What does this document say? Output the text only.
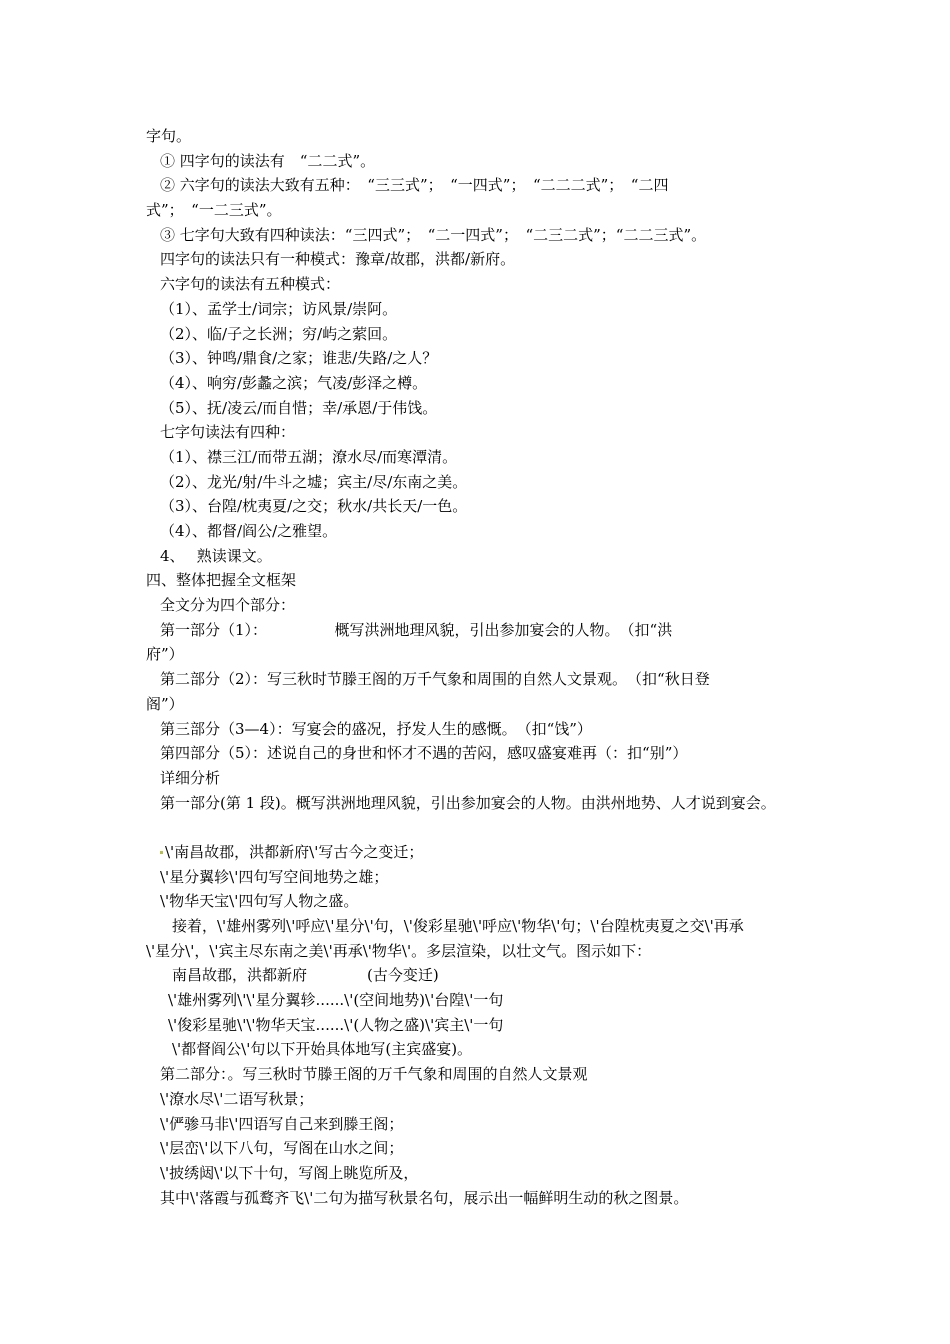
字句。
① 四字句的读法有　“二二式”。
② 六字句的读法大致有五种：　“三三式”；　“一四式”；　“二二二式”；　“二四
式”；　“一二三式”。
③ 七字句大致有四种读法：“三四式”；　“二一四式”；　“二三二式”；“二二三式”。
四字句的读法只有一种模式：豫章/故郡，洪都/新府。
六字句的读法有五种模式：
（1）、孟学士/词宗；访风景/崇阿。
（2）、临/子之长洲；穷/屿之萦回。
（3）、钟鸣/鼎食/之家；谁悲/失路/之人？
（4）、响穷/彭蠡之滨；气凌/彭泽之樽。
（5）、抚/凌云/而自惜；幸/承恩/于伟饯。
七字句读法有四种：
（1）、襟三江/而带五湖；潦水尽/而寒潭清。
（2）、龙光/射/牛斗之墟；宾主/尽/东南之美。
（3）、台隍/枕夷夏/之交；秋水/共长天/一色。
（4）、都督/阎公/之雅望。
4、　 熟读课文。
四、整体把握全文框架
全文分为四个部分：
第一部分（1）：　　　　　概写洪洲地理风貌，引出参加宴会的人物。　（扣“洪
府”）
第二部分（2）：写三秋时节滕王阁的万千气象和周围的自然人文景观。　（扣“秋日登
阁”）
第三部分（3—4）：写宴会的盛况，抒发人生的感慨。　（扣“饯”）
第四部分（5）：述说自己的身世和怀才不遇的苦闷，感叹盛宴难再（：扣“别”）
详细分析
第一部分(第 1 段)。概写洪洲地理风貌，引出参加宴会的人物。由洪州地势、人才说到宴会。
\'南昌故郡，洪都新府\'写古今之变迁；
\'星分翼轸\'四句写空间地势之雄；
\'物华天宝\'四句写人物之盛。
接着，\'雄州雾列\'呼应\'星分\'句，\'俊彩星驰\'呼应\'物华\'句；\'台隍枕夷夏之交\'再承
\'星分\'，\'宾主尽东南之美\'再承\'物华\'。多层渲染，以壮文气。图示如下：
南昌故郡，洪都新府　　　　(古今变迁)
\'雄州雾列\'\'星分翼轸......\'(空间地势)\'台隍\'一句
\'俊彩星驰\'\'物华天宝......\'(人物之盛)\'宾主\'一句
\'都督阎公\'句以下开始具体地写(主宾盛宴)。
第二部分：。写三秋时节滕王阁的万千气象和周围的自然人文景观
\'潦水尽\'二语写秋景；
\'俨骖马非\'四语写自己来到滕王阁；
\'层峦\'以下八句，写阁在山水之间；
\'披绣闼\'以下十句，写阁上眺览所及，
其中\'落霞与孤鹜齐飞\'二句为描写秋景名句，展示出一幅鲜明生动的秋之图景。
